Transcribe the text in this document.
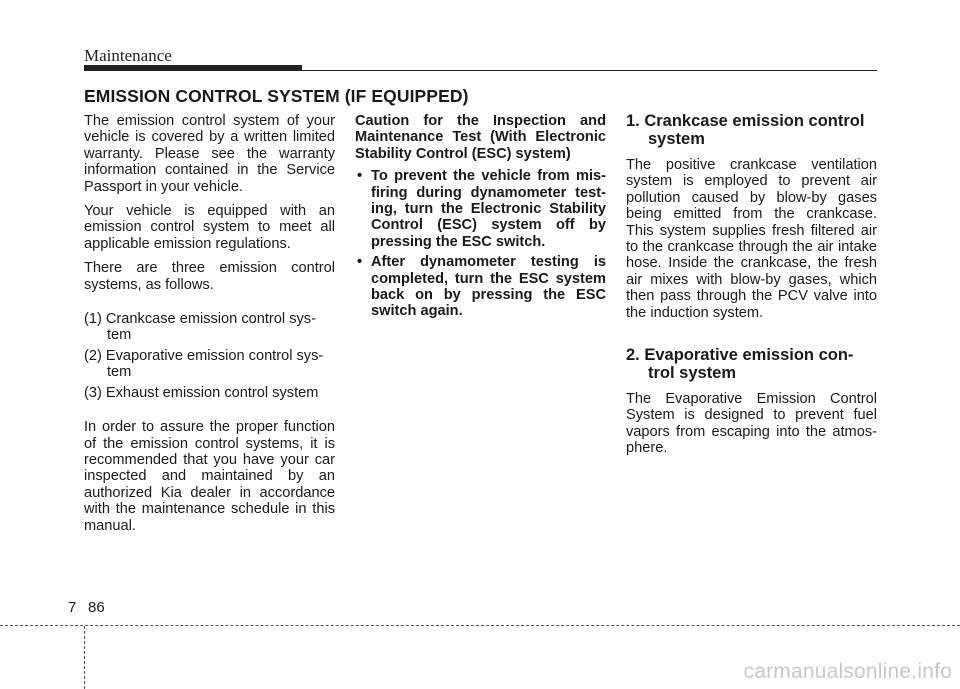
Maintenance
EMISSION CONTROL SYSTEM (IF EQUIPPED)

The emission control system of your vehicle is covered by a written limited warranty. Please see the warranty information contained in the Service Passport in your vehicle.

Your vehicle is equipped with an emission control system to meet all applicable emission regulations.

There are three emission control systems, as follows.

(1) Crankcase emission control sys-tem
(2) Evaporative emission control sys-tem
(3) Exhaust emission control system

In order to assure the proper function of the emission control systems, it is recommended that you have your car inspected and maintained by an authorized Kia dealer in accordance with the maintenance schedule in this manual.

Caution for the Inspection and Maintenance Test (With Electronic Stability Control (ESC) system)

• To prevent the vehicle from mis-firing during dynamometer test-ing, turn the Electronic Stability Control (ESC) system off by pressing the ESC switch.
• After dynamometer testing is completed, turn the ESC system back on by pressing the ESC switch again.
1. Crankcase emission control system

The positive crankcase ventilation system is employed to prevent air pollution caused by blow-by gases being emitted from the crankcase. This system supplies fresh filtered air to the crankcase through the air intake hose. Inside the crankcase, the fresh air mixes with blow-by gases, which then pass through the PCV valve into the induction system.

2. Evaporative emission con-trol system

The Evaporative Emission Control System is designed to prevent fuel vapors from escaping into the atmos-phere.

7 86
carmanualsonline.info
